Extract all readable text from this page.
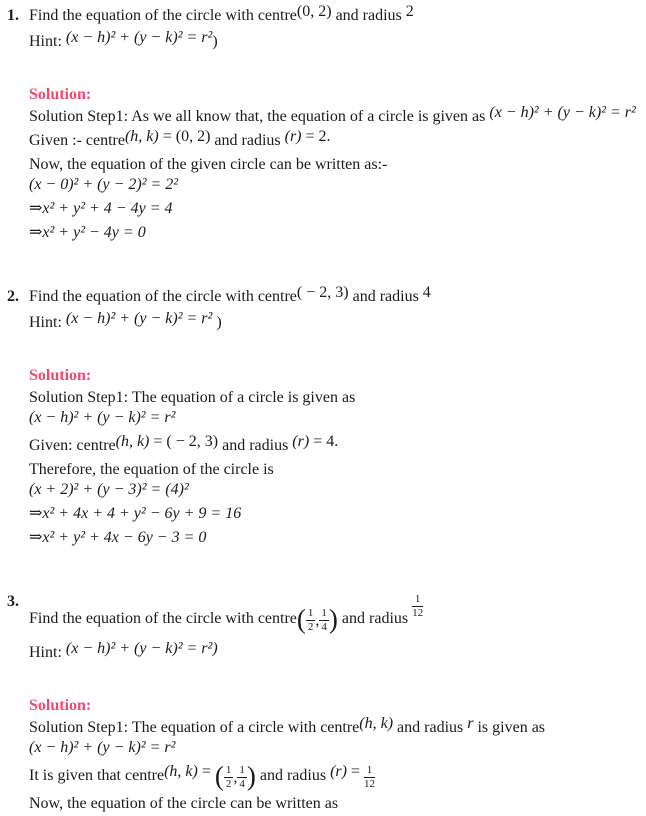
1. Find the equation of the circle with centre(0, 2) and radius 2
Hint: (x − h)² + (y − k)² = r²)
Solution:
Solution Step1: As we all know that, the equation of a circle is given as (x − h)² + (y − k)² = r²
Given :- centre(h, k) = (0, 2) and radius (r) = 2.
Now, the equation of the given circle can be written as:-
(x − 0)² + (y − 2)² = 2²
⇒x² + y² + 4 − 4y = 4
⇒x² + y² − 4y = 0
2. Find the equation of the circle with centre( − 2, 3) and radius 4
Hint: (x − h)² + (y − k)² = r² )
Solution:
Solution Step1: The equation of a circle is given as
(x − h)² + (y − k)² = r²
Given: centre(h, k) = ( − 2, 3) and radius (r) = 4.
Therefore, the equation of the circle is
(x + 2)² + (y − 3)² = (4)²
⇒x² + 4x + 4 + y² − 6y + 9 = 16
⇒x² + y² + 4x − 6y − 3 = 0
3.
Find the equation of the circle with centre( $\frac{1}{2}$ , $\frac{1}{4}$ ) and radius $\frac{1}{12}$
Hint: (x − h)² + (y − k)² = r²)
Solution:
Solution Step1: The equation of a circle with centre(h, k) and radius r is given as
(x − h)² + (y − k)² = r²
It is given that centre(h, k) = ( $\frac{1}{2}$ , $\frac{1}{4}$ ) and radius $(r) = \frac{1}{12}$
Now, the equation of the circle can be written as
